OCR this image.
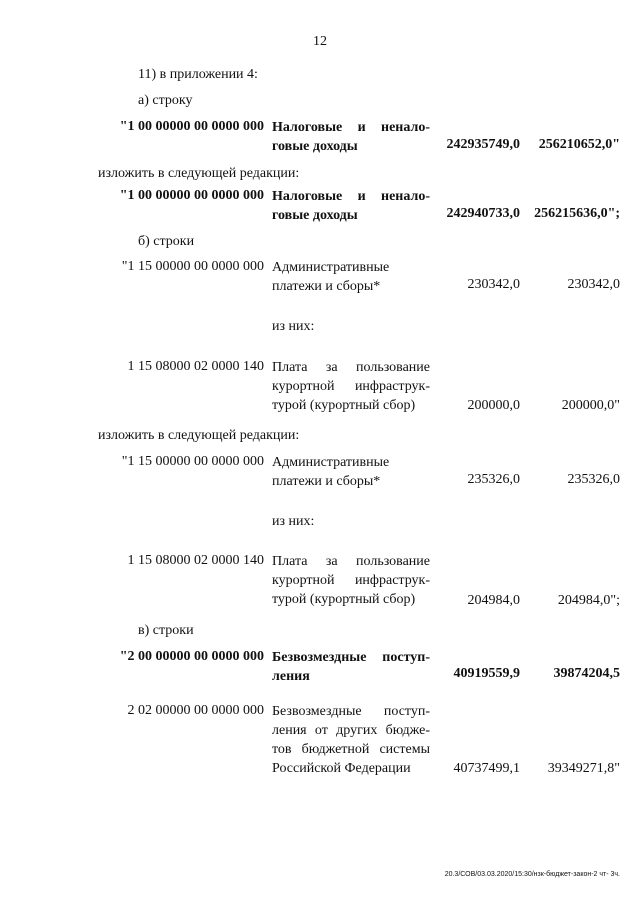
12
11) в приложении 4:
а) строку
"1 00 00000 00 0000 000 Налоговые и ненало-
говые доходы	242935749,0	256210652,0"
изложить в следующей редакции:
"1 00 00000 00 0000 000 Налоговые и ненало-
говые доходы	242940733,0	256215636,0";
б) строки
"1 15 00000 00 0000 000 Административные
платежи и сборы*	230342,0	230342,0
из них:
1 15 08000 02 0000 140 Плата за пользование
курортной инфраструк-
турой (курортный сбор)	200000,0	200000,0"
изложить в следующей редакции:
"1 15 00000 00 0000 000 Административные
платежи и сборы*	235326,0	235326,0
из них:
1 15 08000 02 0000 140 Плата за пользование
курортной инфраструк-
турой (курортный сбор)	204984,0	204984,0";
в) строки
"2 00 00000 00 0000 000 Безвозмездные поступ-
ления	40919559,9	39874204,5
2 02 00000 00 0000 000 Безвозмездные поступ-
ления от других бюдже-
тов бюджетной системы
Российской Федерации	40737499,1	39349271,8"
20.3/СОВ/03.03.2020/15:30/нзк-бюджет-закон-2 чт- 3ч.
